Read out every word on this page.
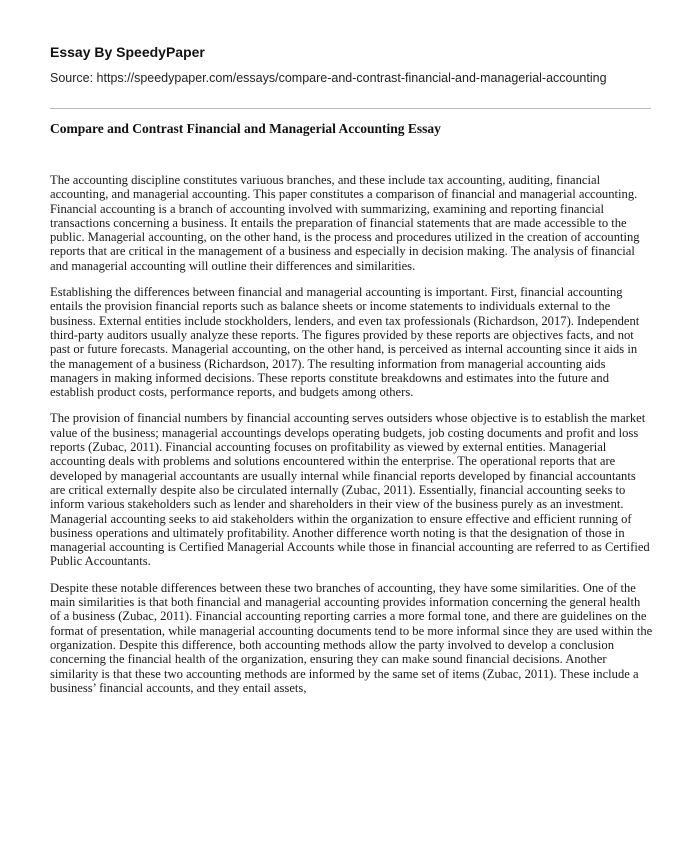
Essay By SpeedyPaper
Source: https://speedypaper.com/essays/compare-and-contrast-financial-and-managerial-accounting
Compare and Contrast Financial and Managerial Accounting Essay

The accounting discipline constitutes variuous branches, and these include tax accounting, auditing, financial accounting, and managerial accounting. This paper constitutes a comparison of financial and managerial accounting. Financial accounting is a branch of accounting involved with summarizing, examining and reporting financial transactions concerning a business. It entails the preparation of financial statements that are made accessible to the public. Managerial accounting, on the other hand, is the process and procedures utilized in the creation of accounting reports that are critical in the management of a business and especially in decision making. The analysis of financial and managerial accounting will outline their differences and similarities.

Establishing the differences between financial and managerial accounting is important. First, financial accounting entails the provision financial reports such as balance sheets or income statements to individuals external to the business. External entities include stockholders, lenders, and even tax professionals (Richardson, 2017). Independent third-party auditors usually analyze these reports. The figures provided by these reports are objectives facts, and not past or future forecasts. Managerial accounting, on the other hand, is perceived as internal accounting since it aids in the management of a business (Richardson, 2017). The resulting information from managerial accounting aids managers in making informed decisions. These reports constitute breakdowns and estimates into the future and establish product costs, performance reports, and budgets among others.

The provision of financial numbers by financial accounting serves outsiders whose objective is to establish the market value of the business; managerial accountings develops operating budgets, job costing documents and profit and loss reports (Zubac, 2011). Financial accounting focuses on profitability as viewed by external entities. Managerial accounting deals with problems and solutions encountered within the enterprise. The operational reports that are developed by managerial accountants are usually internal while financial reports developed by financial accountants are critical externally despite also be circulated internally (Zubac, 2011). Essentially, financial accounting seeks to inform various stakeholders such as lender and shareholders in their view of the business purely as an investment. Managerial accounting seeks to aid stakeholders within the organization to ensure effective and efficient running of business operations and ultimately profitability. Another difference worth noting is that the designation of those in managerial accounting is Certified Managerial Accounts while those in financial accounting are referred to as Certified Public Accountants.

Despite these notable differences between these two branches of accounting, they have some similarities. One of the main similarities is that both financial and managerial accounting provides information concerning the general health of a business (Zubac, 2011). Financial accounting reporting carries a more formal tone, and there are guidelines on the format of presentation, while managerial accounting documents tend to be more informal since they are used within the organization. Despite this difference, both accounting methods allow the party involved to develop a conclusion concerning the financial health of the organization, ensuring they can make sound financial decisions. Another similarity is that these two accounting methods are informed by the same set of items (Zubac, 2011). These include a business’ financial accounts, and they entail assets,
